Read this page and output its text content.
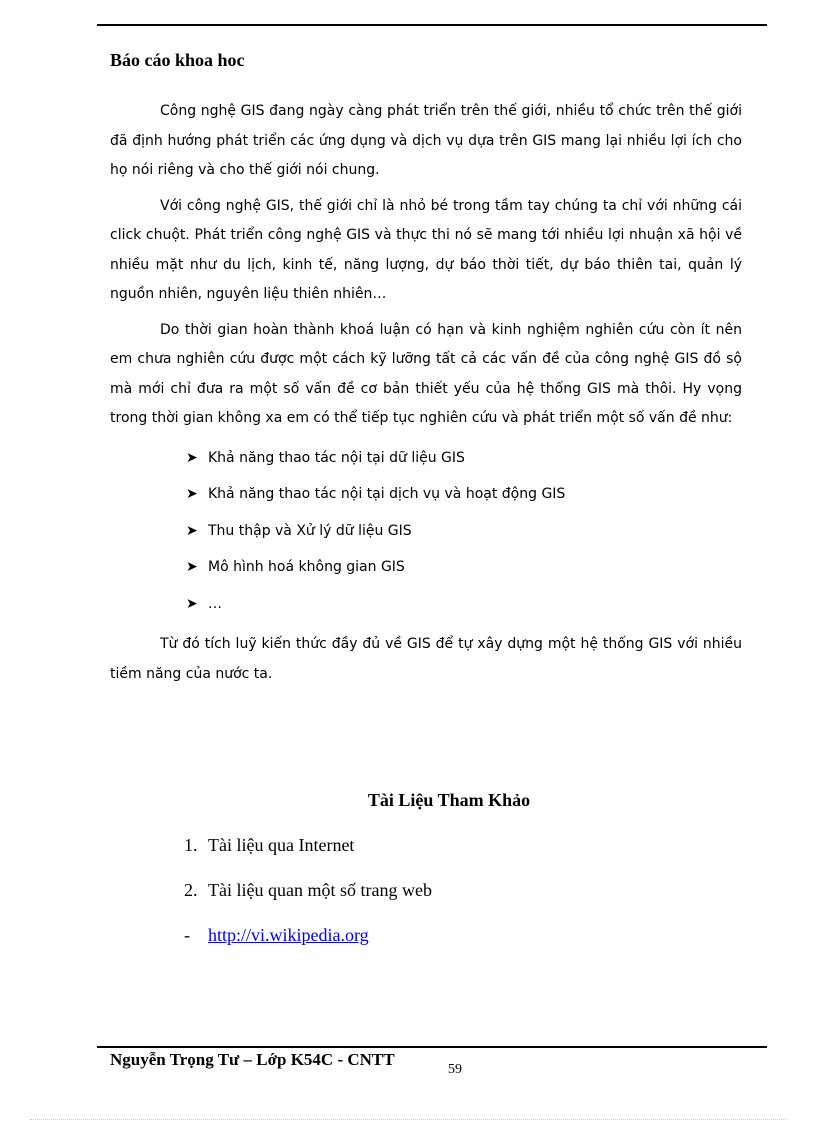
Báo cáo khoa hoc

Công nghệ GIS đang ngày càng phát triển trên thế giới, nhiều tổ chức trên thế giới đã định hướng phát triển các ứng dụng và dịch vụ dựa trên GIS mang lại nhiều lợi ích cho họ nói riêng và cho thế giới nói chung.

Với công nghệ GIS, thế giới chỉ là nhỏ bé trong tầm tay chúng ta chỉ với những cái click chuột. Phát triển công nghệ GIS và thực thi nó sẽ mang tới nhiều lợi nhuận xã hội về nhiều mặt như du lịch, kinh tế, năng lượng, dự báo thời tiết, dự báo thiên tai, quản lý nguồn nhiên, nguyên liệu thiên nhiên…

Do thời gian hoàn thành khoá luận có hạn và kinh nghiệm nghiên cứu còn ít nên em chưa nghiên cứu được một cách kỹ lưỡng tất cả các vấn đề của công nghệ GIS đồ sộ mà mới chỉ đưa ra một số vấn đề cơ bản thiết yếu của hệ thống GIS mà thôi. Hy vọng trong thời gian không xa em có thể tiếp tục nghiên cứu và phát triển một số vấn đề như:

➤ Khả năng thao tác nội tại dữ liệu GIS
➤ Khả năng thao tác nội tại dịch vụ và hoạt động GIS
➤ Thu thập và Xử lý dữ liệu GIS
➤ Mô hình hoá không gian GIS
➤ …

Từ đó tích luỹ kiến thức đầy đủ về GIS để tự xây dựng một hệ thống GIS với nhiều tiềm năng của nước ta.

Tài Liệu Tham Khảo
1. Tài liệu qua Internet
2. Tài liệu quan một số trang web
- http://vi.wikipedia.org
Nguyễn Trọng Tư – Lớp K54C - CNTT
59
